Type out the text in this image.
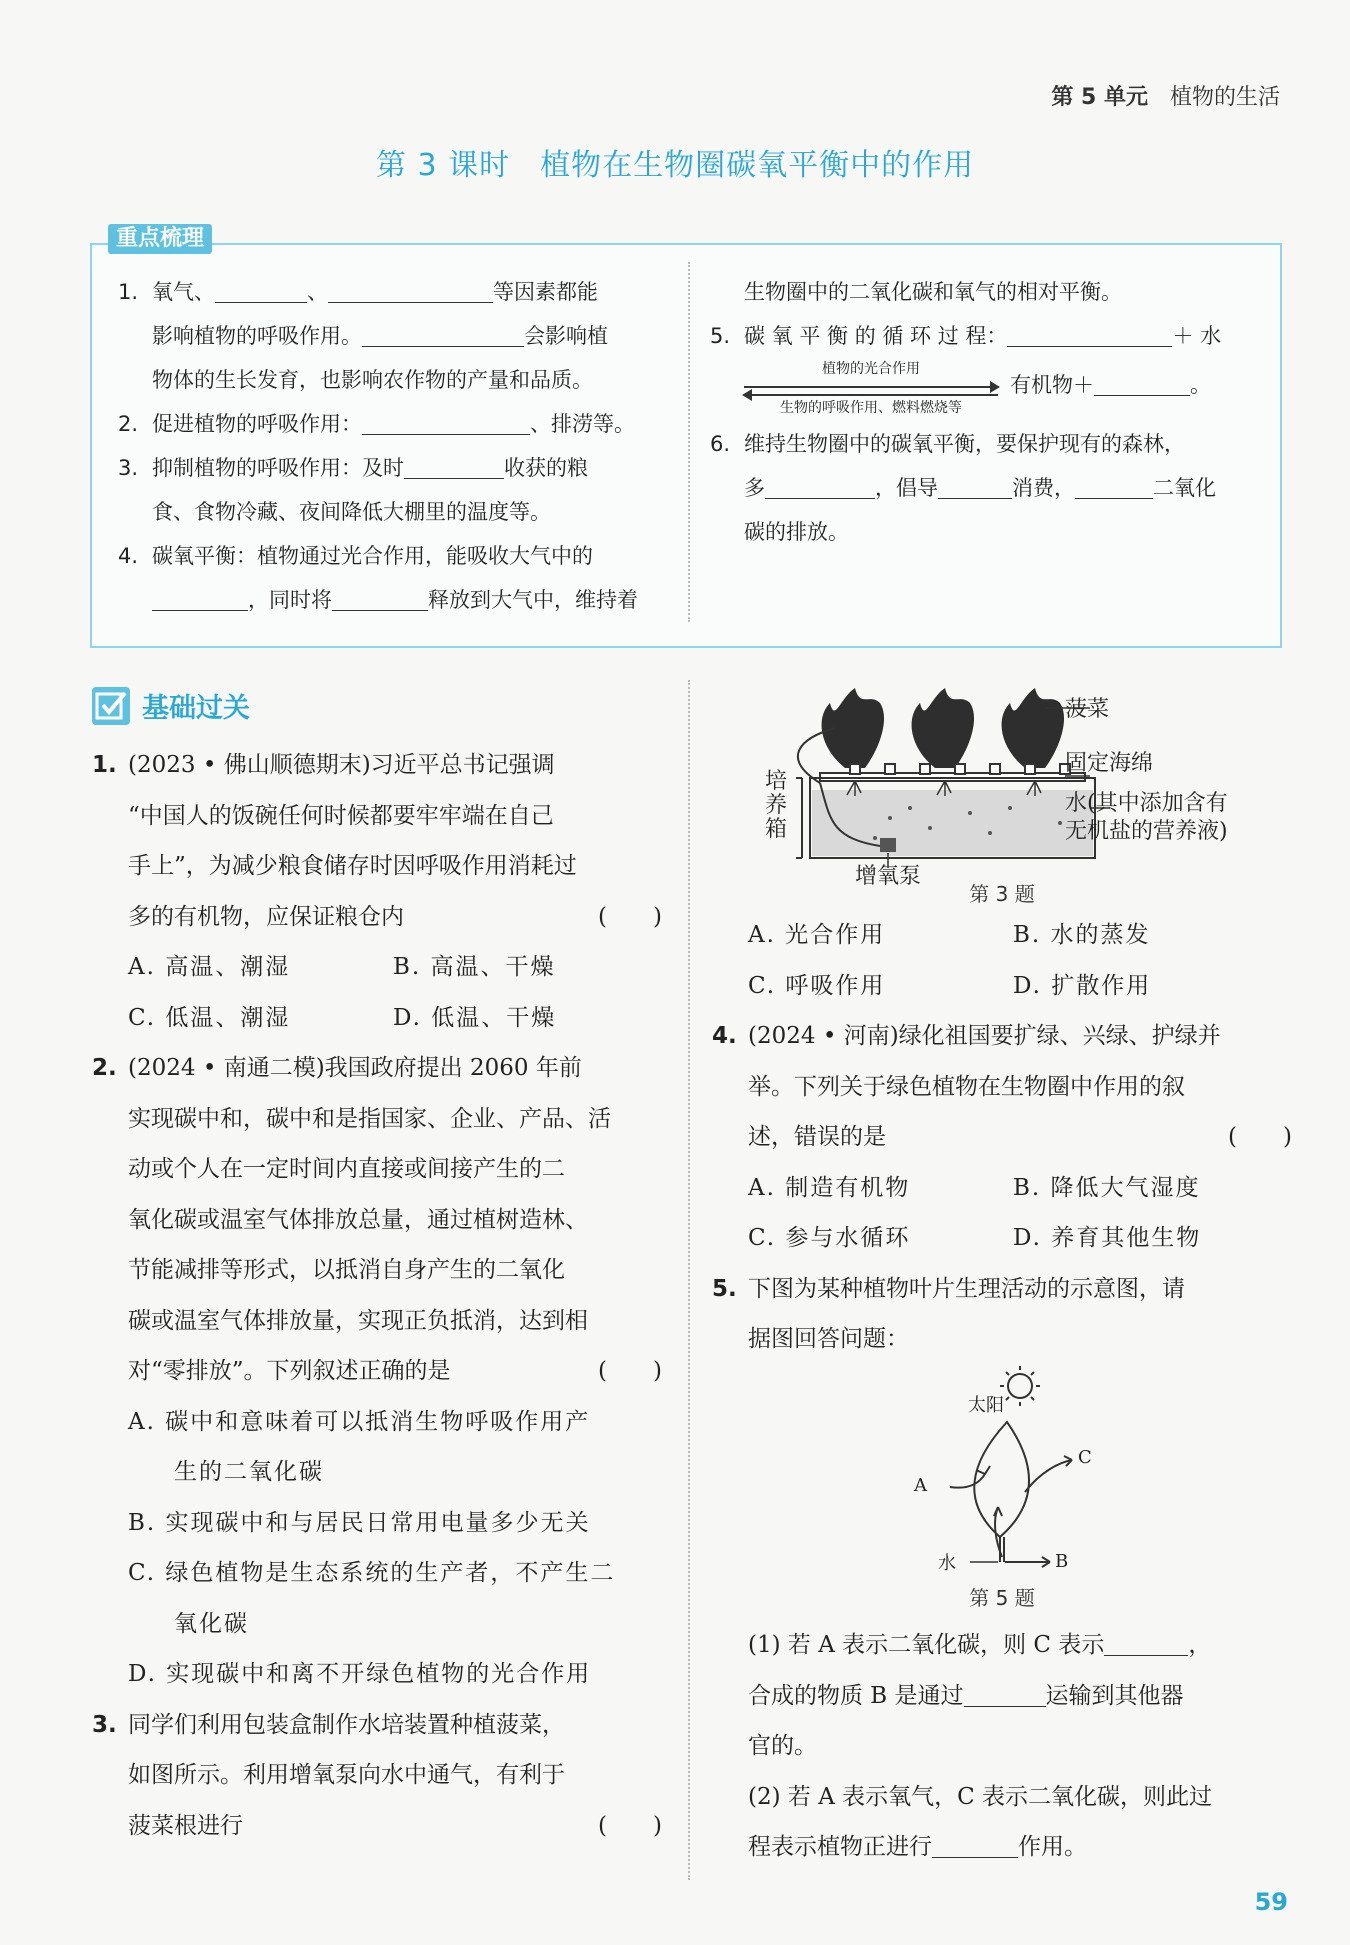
第 5 单元 植物的生活
第 3 课时 植物在生物圈碳氧平衡中的作用
重点梳理
1. 氧气、	、	等因素都能
影响植物的呼吸作用。	会影响植
物体的生长发育，也影响农作物的产量和品质。
2. 促进植物的呼吸作用：	、排涝等。
3. 抑制植物的呼吸作用：及时	收获的粮
食、食物冷藏、夜间降低大棚里的温度等。
4. 碳氧平衡：植物通过光合作用，能吸收大气中的
，同时将	释放到大气中，维持着
生物圈中的二氧化碳和氧气的相对平衡。
5. 碳 氧 平 衡 的 循 环 过 程：	＋ 水
植物的光合作用
生物的呼吸作用、燃料燃烧等
有机物＋	。
6. 维持生物圈中的碳氧平衡，要保护现有的森林，
多	，倡导	消费，	二氧化
碳的排放。
基础过关
1. (2023 • 佛山顺德期末)习近平总书记强调
“中国人的饭碗任何时候都要牢牢端在自己
手上”，为减少粮食储存时因呼吸作用消耗过
多的有机物，应保证粮仓内	(　　)
A. 高温、潮湿	B. 高温、干燥
C. 低温、潮湿	D. 低温、干燥
2. (2024 • 南通二模)我国政府提出 2060 年前
实现碳中和，碳中和是指国家、企业、产品、活
动或个人在一定时间内直接或间接产生的二
氧化碳或温室气体排放总量，通过植树造林、
节能减排等形式，以抵消自身产生的二氧化
碳或温室气体排放量，实现正负抵消，达到相
对“零排放”。下列叙述正确的是	(　　)
A. 碳中和意味着可以抵消生物呼吸作用产
生的二氧化碳
B. 实现碳中和与居民日常用电量多少无关
C. 绿色植物是生态系统的生产者，不产生二
氧化碳
D. 实现碳中和离不开绿色植物的光合作用
3. 同学们利用包装盒制作水培装置种植菠菜，
如图所示。利用增氧泵向水中通气，有利于
菠菜根进行	(　　)
菠菜
固定海绵
培养箱
水(其中添加含有
无机盐的营养液)
增氧泵
第 3 题
A. 光合作用	B. 水的蒸发
C. 呼吸作用	D. 扩散作用
4. (2024 • 河南)绿化祖国要扩绿、兴绿、护绿并
举。下列关于绿色植物在生物圈中作用的叙
述，错误的是	(　　)
A. 制造有机物	B. 降低大气湿度
C. 参与水循环	D. 养育其他生物
5. 下图为某种植物叶片生理活动的示意图，请
据图回答问题：
太阳
A
C
B
水
第 5 题
(1) 若 A 表示二氧化碳，则 C 表示	，
合成的物质 B 是通过	运输到其他器
官的。
(2) 若 A 表示氧气，C 表示二氧化碳，则此过
程表示植物正进行	作用。
59
